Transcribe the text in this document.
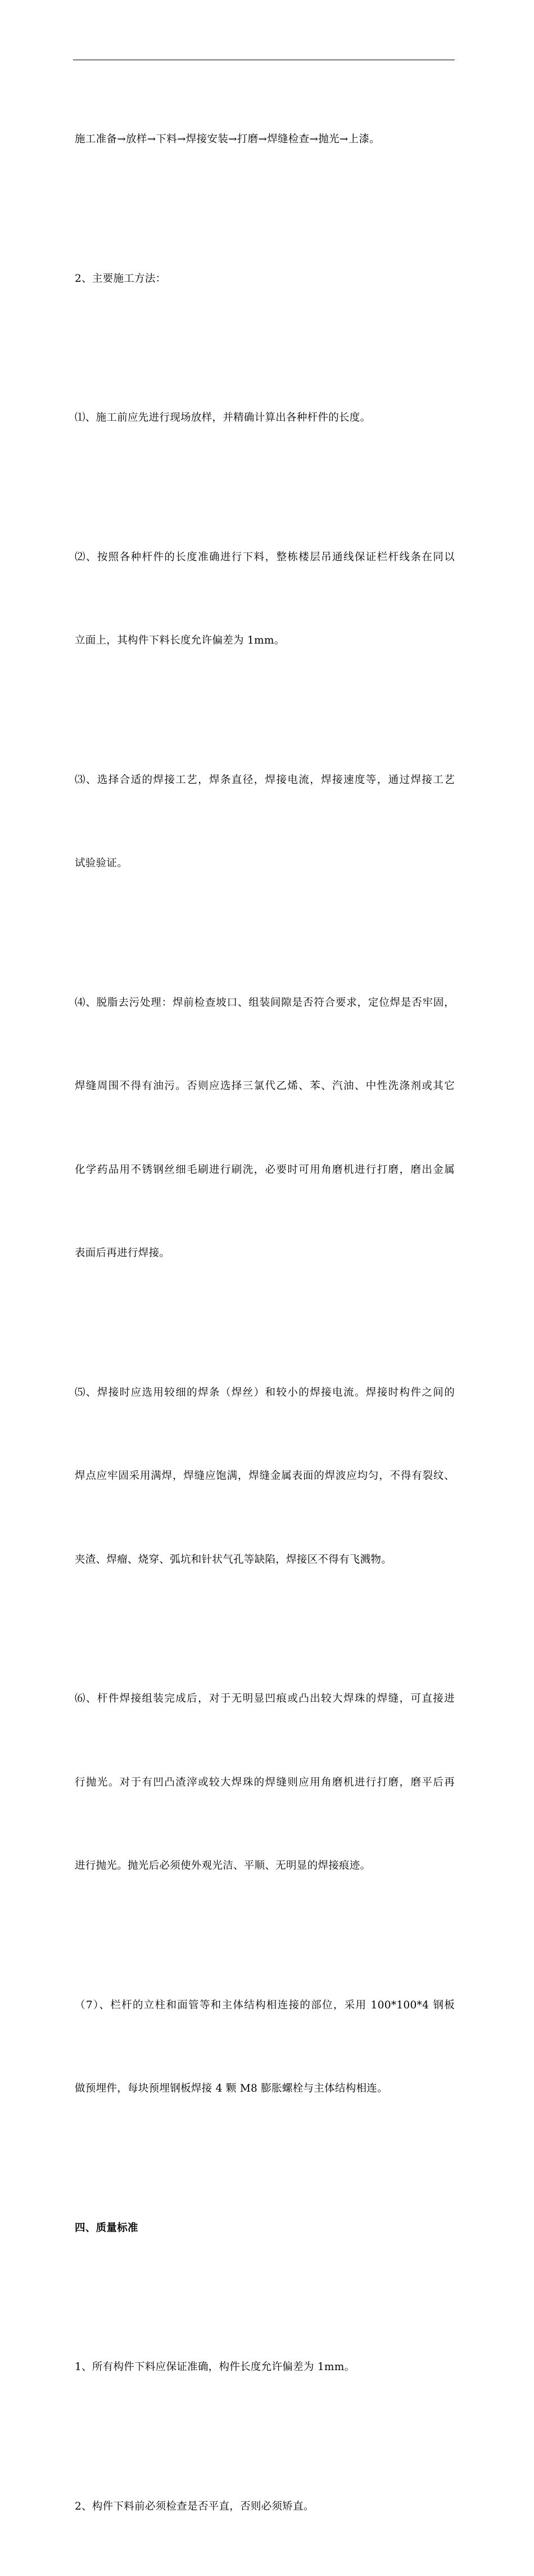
施工准备→放样→下料→焊接安装→打磨→焊缝检查→抛光→上漆。

2、主要施工方法：

⑴、施工前应先进行现场放样，并精确计算出各种杆件的长度。

⑵、按照各种杆件的长度准确进行下料，整栋楼层吊通线保证栏杆线条在同以

立面上，其构件下料长度允许偏差为 1mm。

⑶、选择合适的焊接工艺，焊条直径，焊接电流，焊接速度等，通过焊接工艺

试验验证。

⑷、脱脂去污处理：焊前检查坡口、组装间隙是否符合要求，定位焊是否牢固，

焊缝周围不得有油污。否则应选择三氯代乙烯、苯、汽油、中性洗涤剂或其它

化学药品用不锈钢丝细毛刷进行刷洗，必要时可用角磨机进行打磨，磨出金属

表面后再进行焊接。

⑸、焊接时应选用较细的焊条（焊丝）和较小的焊接电流。焊接时构件之间的

焊点应牢固采用满焊，焊缝应饱满，焊缝金属表面的焊波应均匀，不得有裂纹、

夹渣、焊瘤、烧穿、弧坑和针状气孔等缺陷，焊接区不得有飞溅物。

⑹、杆件焊接组装完成后，对于无明显凹痕或凸出较大焊珠的焊缝，可直接进

行抛光。对于有凹凸渣滓或较大焊珠的焊缝则应用角磨机进行打磨，磨平后再

进行抛光。抛光后必须使外观光洁、平顺、无明显的焊接痕迹。

（7）、栏杆的立柱和面管等和主体结构相连接的部位，采用 100*100*4 钢板

做预埋件，每块预埋钢板焊接 4 颗 M8 膨胀螺栓与主体结构相连。

四、质量标准

1、所有构件下料应保证准确，构件长度允许偏差为 1mm。

2、构件下料前必须检查是否平直，否则必须矫直。
